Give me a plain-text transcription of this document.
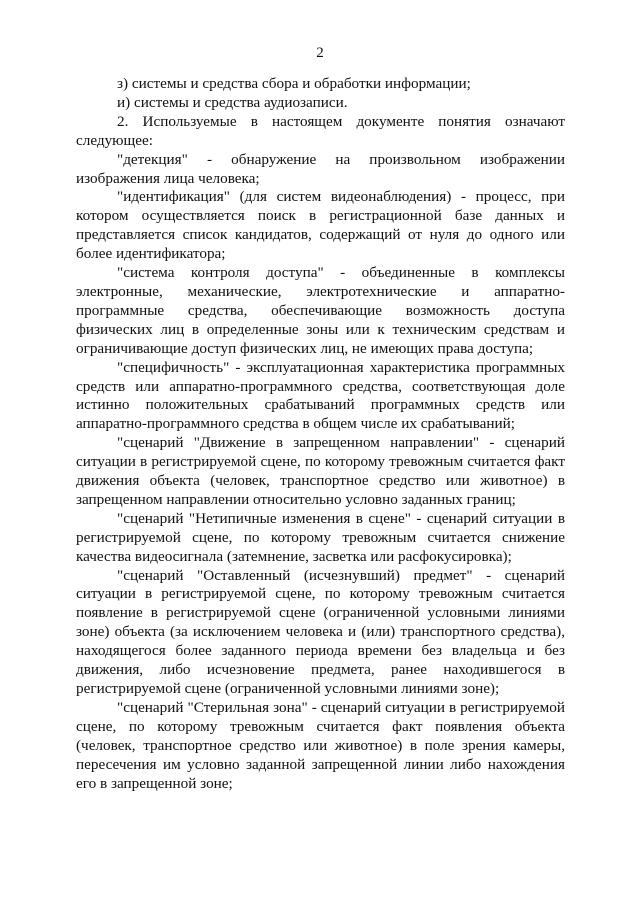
2

з) системы и средства сбора и обработки информации;

и) системы и средства аудиозаписи.

2. Используемые в настоящем документе понятия означают следующее:

"детекция" - обнаружение на произвольном изображении изображения лица человека;

"идентификация" (для систем видеонаблюдения) - процесс, при котором осуществляется поиск в регистрационной базе данных и представляется список кандидатов, содержащий от нуля до одного или более идентификатора;

"система контроля доступа" - объединенные в комплексы электронные, механические, электротехнические и аппаратно-программные средства, обеспечивающие возможность доступа физических лиц в определенные зоны или к техническим средствам и ограничивающие доступ физических лиц, не имеющих права доступа;

"специфичность" - эксплуатационная характеристика программных средств или аппаратно-программного средства, соответствующая доле истинно положительных срабатываний программных средств или аппаратно-программного средства в общем числе их срабатываний;

"сценарий "Движение в запрещенном направлении" - сценарий ситуации в регистрируемой сцене, по которому тревожным считается факт движения объекта (человек, транспортное средство или животное) в запрещенном направлении относительно условно заданных границ;

"сценарий "Нетипичные изменения в сцене" - сценарий ситуации в регистрируемой сцене, по которому тревожным считается снижение качества видеосигнала (затемнение, засветка или расфокусировка);

"сценарий "Оставленный (исчезнувший) предмет" - сценарий ситуации в регистрируемой сцене, по которому тревожным считается появление в регистрируемой сцене (ограниченной условными линиями зоне) объекта (за исключением человека и (или) транспортного средства), находящегося более заданного периода времени без владельца и без движения, либо исчезновение предмета, ранее находившегося в регистрируемой сцене (ограниченной условными линиями зоне);

"сценарий "Стерильная зона" - сценарий ситуации в регистрируемой сцене, по которому тревожным считается факт появления объекта (человек, транспортное средство или животное) в поле зрения камеры, пересечения им условно заданной запрещенной линии либо нахождения его в запрещенной зоне;
